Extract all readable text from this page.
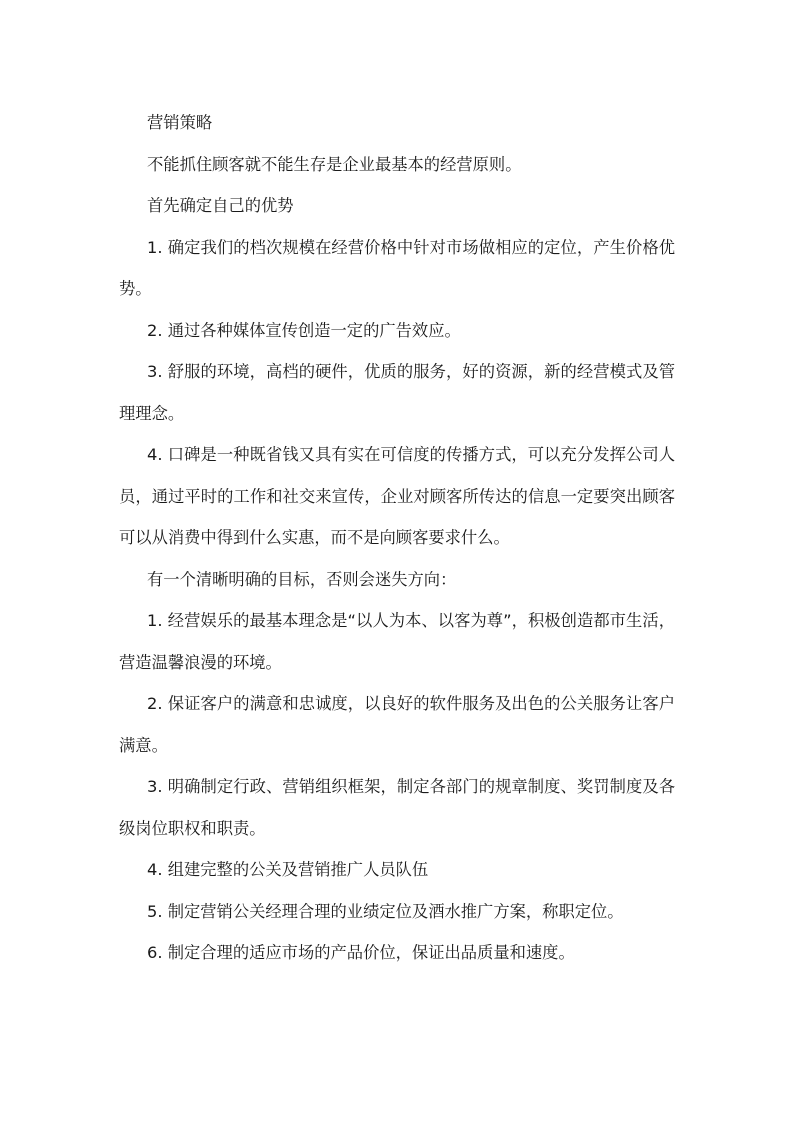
营销策略

不能抓住顾客就不能生存是企业最基本的经营原则。

首先确定自己的优势

1. 确定我们的档次规模在经营价格中针对市场做相应的定位，产生价格优势。

2. 通过各种媒体宣传创造一定的广告效应。

3. 舒服的环境，高档的硬件，优质的服务，好的资源，新的经营模式及管理理念。

4. 口碑是一种既省钱又具有实在可信度的传播方式，可以充分发挥公司人员，通过平时的工作和社交来宣传，企业对顾客所传达的信息一定要突出顾客可以从消费中得到什么实惠，而不是向顾客要求什么。

有一个清晰明确的目标，否则会迷失方向：

1. 经营娱乐的最基本理念是“以人为本、以客为尊”，积极创造都市生活，营造温馨浪漫的环境。

2. 保证客户的满意和忠诚度，以良好的软件服务及出色的公关服务让客户满意。

3. 明确制定行政、营销组织框架，制定各部门的规章制度、奖罚制度及各级岗位职权和职责。

4. 组建完整的公关及营销推广人员队伍

5. 制定营销公关经理合理的业绩定位及酒水推广方案，称职定位。

6. 制定合理的适应市场的产品价位，保证出品质量和速度。
